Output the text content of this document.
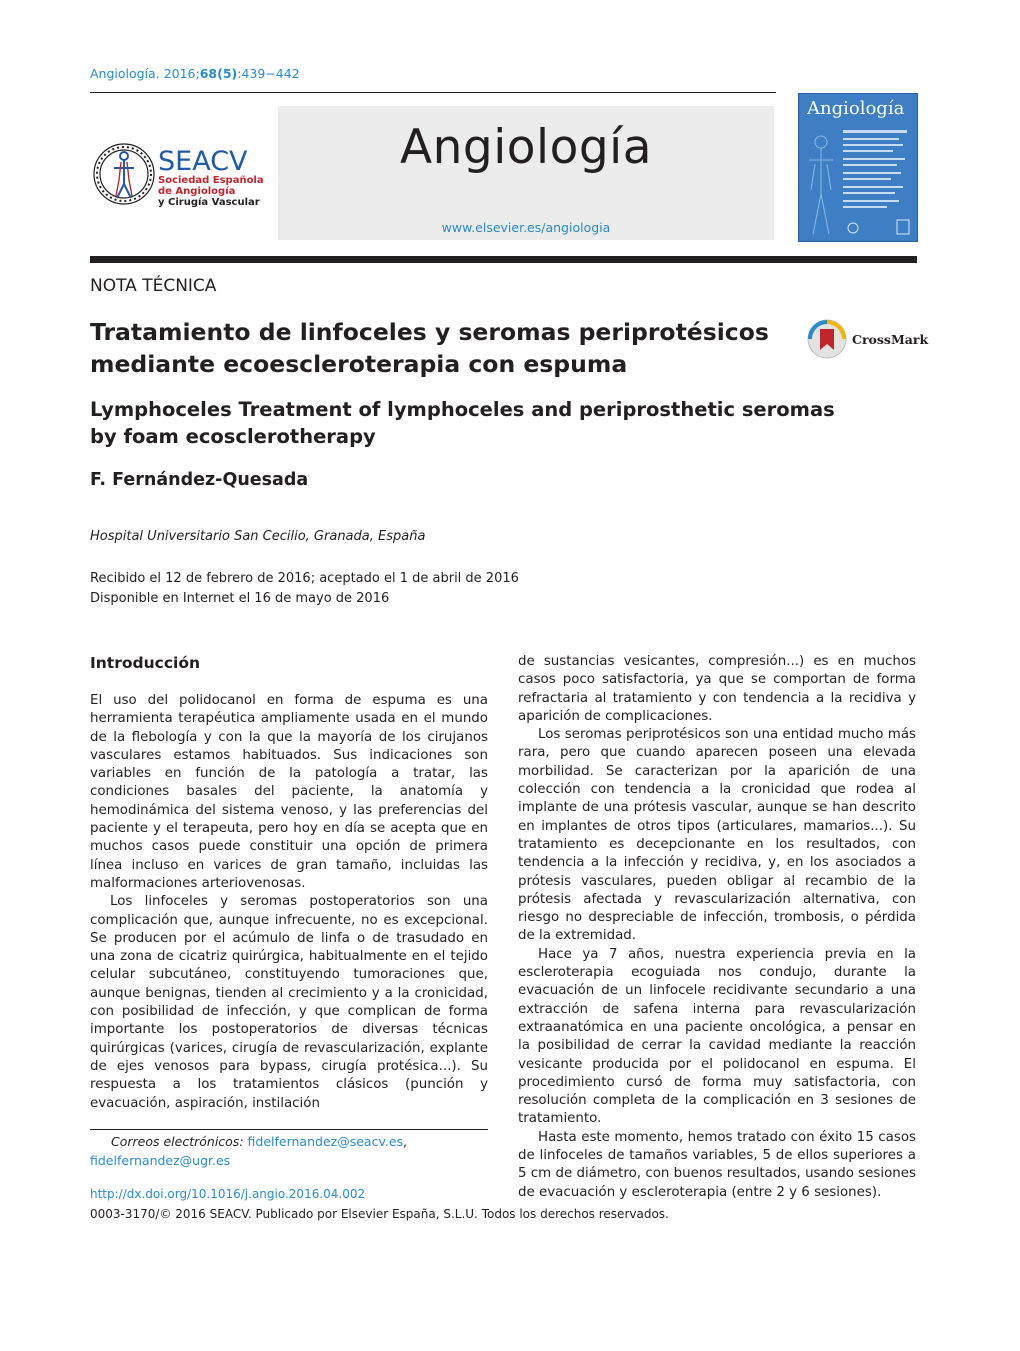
Angiología. 2016;68(5):439−442
SEACV
Sociedad Española
de Angiología
y Cirugía Vascular
Angiología
www.elsevier.es/angiologia
Angiología
NOTA TÉCNICA
Tratamiento de linfoceles y seromas periprotésicos mediante ecoescleroterapia con espuma
CrossMark
Lymphoceles Treatment of lymphoceles and periprosthetic seromas by foam ecosclerotherapy
F. Fernández-Quesada
Hospital Universitario San Cecilio, Granada, España
Recibido el 12 de febrero de 2016; aceptado el 1 de abril de 2016
Disponible en Internet el 16 de mayo de 2016
Introducción

El uso del polidocanol en forma de espuma es una herramienta terapéutica ampliamente usada en el mundo de la flebología y con la que la mayoría de los cirujanos vasculares estamos habituados. Sus indicaciones son variables en función de la patología a tratar, las condiciones basales del paciente, la anatomía y hemodinámica del sistema venoso, y las preferencias del paciente y el terapeuta, pero hoy en día se acepta que en muchos casos puede constituir una opción de primera línea incluso en varices de gran tamaño, incluidas las malformaciones arteriovenosas.

Los linfoceles y seromas postoperatorios son una complicación que, aunque infrecuente, no es excepcional. Se producen por el acúmulo de linfa o de trasudado en una zona de cicatriz quirúrgica, habitualmente en el tejido celular subcutáneo, constituyendo tumoraciones que, aunque benignas, tienden al crecimiento y a la cronicidad, con posibilidad de infección, y que complican de forma importante los postoperatorios de diversas técnicas quirúrgicas (varices, cirugía de revascularización, explante de ejes venosos para bypass, cirugía protésica...). Su respuesta a los tratamientos clásicos (punción y evacuación, aspiración, instilación

de sustancias vesicantes, compresión...) es en muchos casos poco satisfactoria, ya que se comportan de forma refractaria al tratamiento y con tendencia a la recidiva y aparición de complicaciones.

Los seromas periprotésicos son una entidad mucho más rara, pero que cuando aparecen poseen una elevada morbilidad. Se caracterizan por la aparición de una colección con tendencia a la cronicidad que rodea al implante de una prótesis vascular, aunque se han descrito en implantes de otros tipos (articulares, mamarios...). Su tratamiento es decepcionante en los resultados, con tendencia a la infección y recidiva, y, en los asociados a prótesis vasculares, pueden obligar al recambio de la prótesis afectada y revascularización alternativa, con riesgo no despreciable de infección, trombosis, o pérdida de la extremidad.

Hace ya 7 años, nuestra experiencia previa en la escleroterapia ecoguiada nos condujo, durante la evacuación de un linfocele recidivante secundario a una extracción de safena interna para revascularización extraanatómica en una paciente oncológica, a pensar en la posibilidad de cerrar la cavidad mediante la reacción vesicante producida por el polidocanol en espuma. El procedimiento cursó de forma muy satisfactoria, con resolución completa de la complicación en 3 sesiones de tratamiento.

Hasta este momento, hemos tratado con éxito 15 casos de linfoceles de tamaños variables, 5 de ellos superiores a 5 cm de diámetro, con buenos resultados, usando sesiones de evacuación y escleroterapia (entre 2 y 6 sesiones).

Correos electrónicos: fidelfernandez@seacv.es,
fidelfernandez@ugr.es
http://dx.doi.org/10.1016/j.angio.2016.04.002
0003-3170/© 2016 SEACV. Publicado por Elsevier España, S.L.U. Todos los derechos reservados.
